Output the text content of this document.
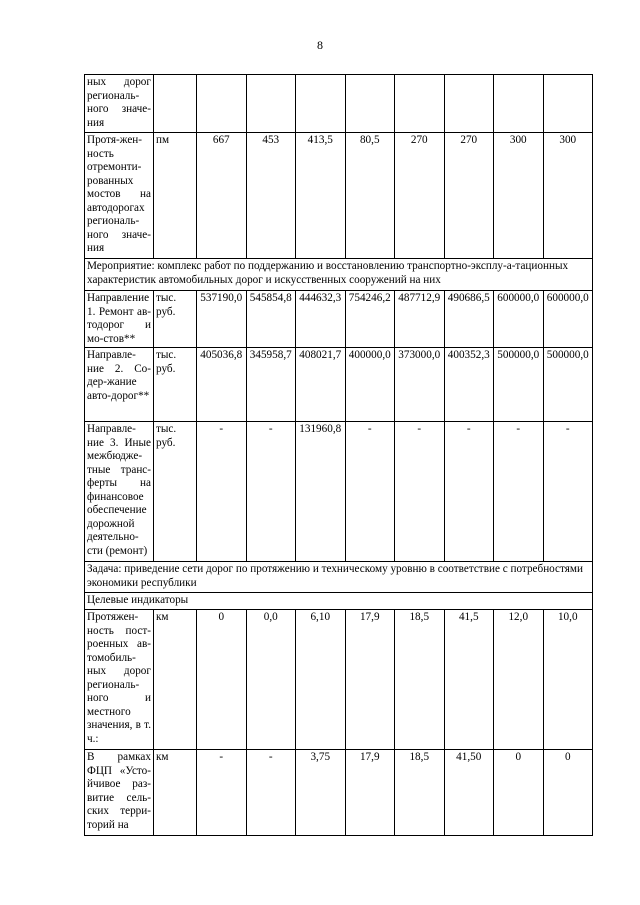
8
ных дорог региональ-ного значе-ния									
Протя-жен-ность отремонти-рованных мостов на автодорогах региональ-ного значе-ния	пм	667	453	413,5	80,5	270	270	300	300
Мероприятие: комплекс работ по поддержанию и восстановлению транспортно-эксплу-а-тационных характеристик автомобильных дорог и искусственных сооружений на них									
Направление 1. Ремонт ав-тодорог и мо-стов**	тыс. руб.	537190,0	545854,8	444632,3	754246,2	487712,9	490686,5	600000,0	600000,0
Направле-ние 2. Со-дер-жание авто-дорог**	тыс. руб.	405036,8	345958,7	408021,7	400000,0	373000,0	400352,3	500000,0	500000,0
Направле-ние 3. Иные межбюдже-тные транс-ферты на финансовое обеспечение дорожной деятельно-сти (ремонт)	тыс. руб.	-	-	131960,8	-	-	-	-	-
Задача: приведение сети дорог по протяжению и техническому уровню в соответствие с потребностями экономики республики									
Целевые индикаторы									
Протяжен-ность пост-роенных ав-томобиль-ных дорог региональ-ного и местного значения, в т. ч.:	км	0	0,0	6,10	17,9	18,5	41,5	12,0	10,0
В рамках ФЦП «Усто-йчивое раз-витие сель-ских терри-торий на	км	-	-	3,75	17,9	18,5	41,50	0	0
